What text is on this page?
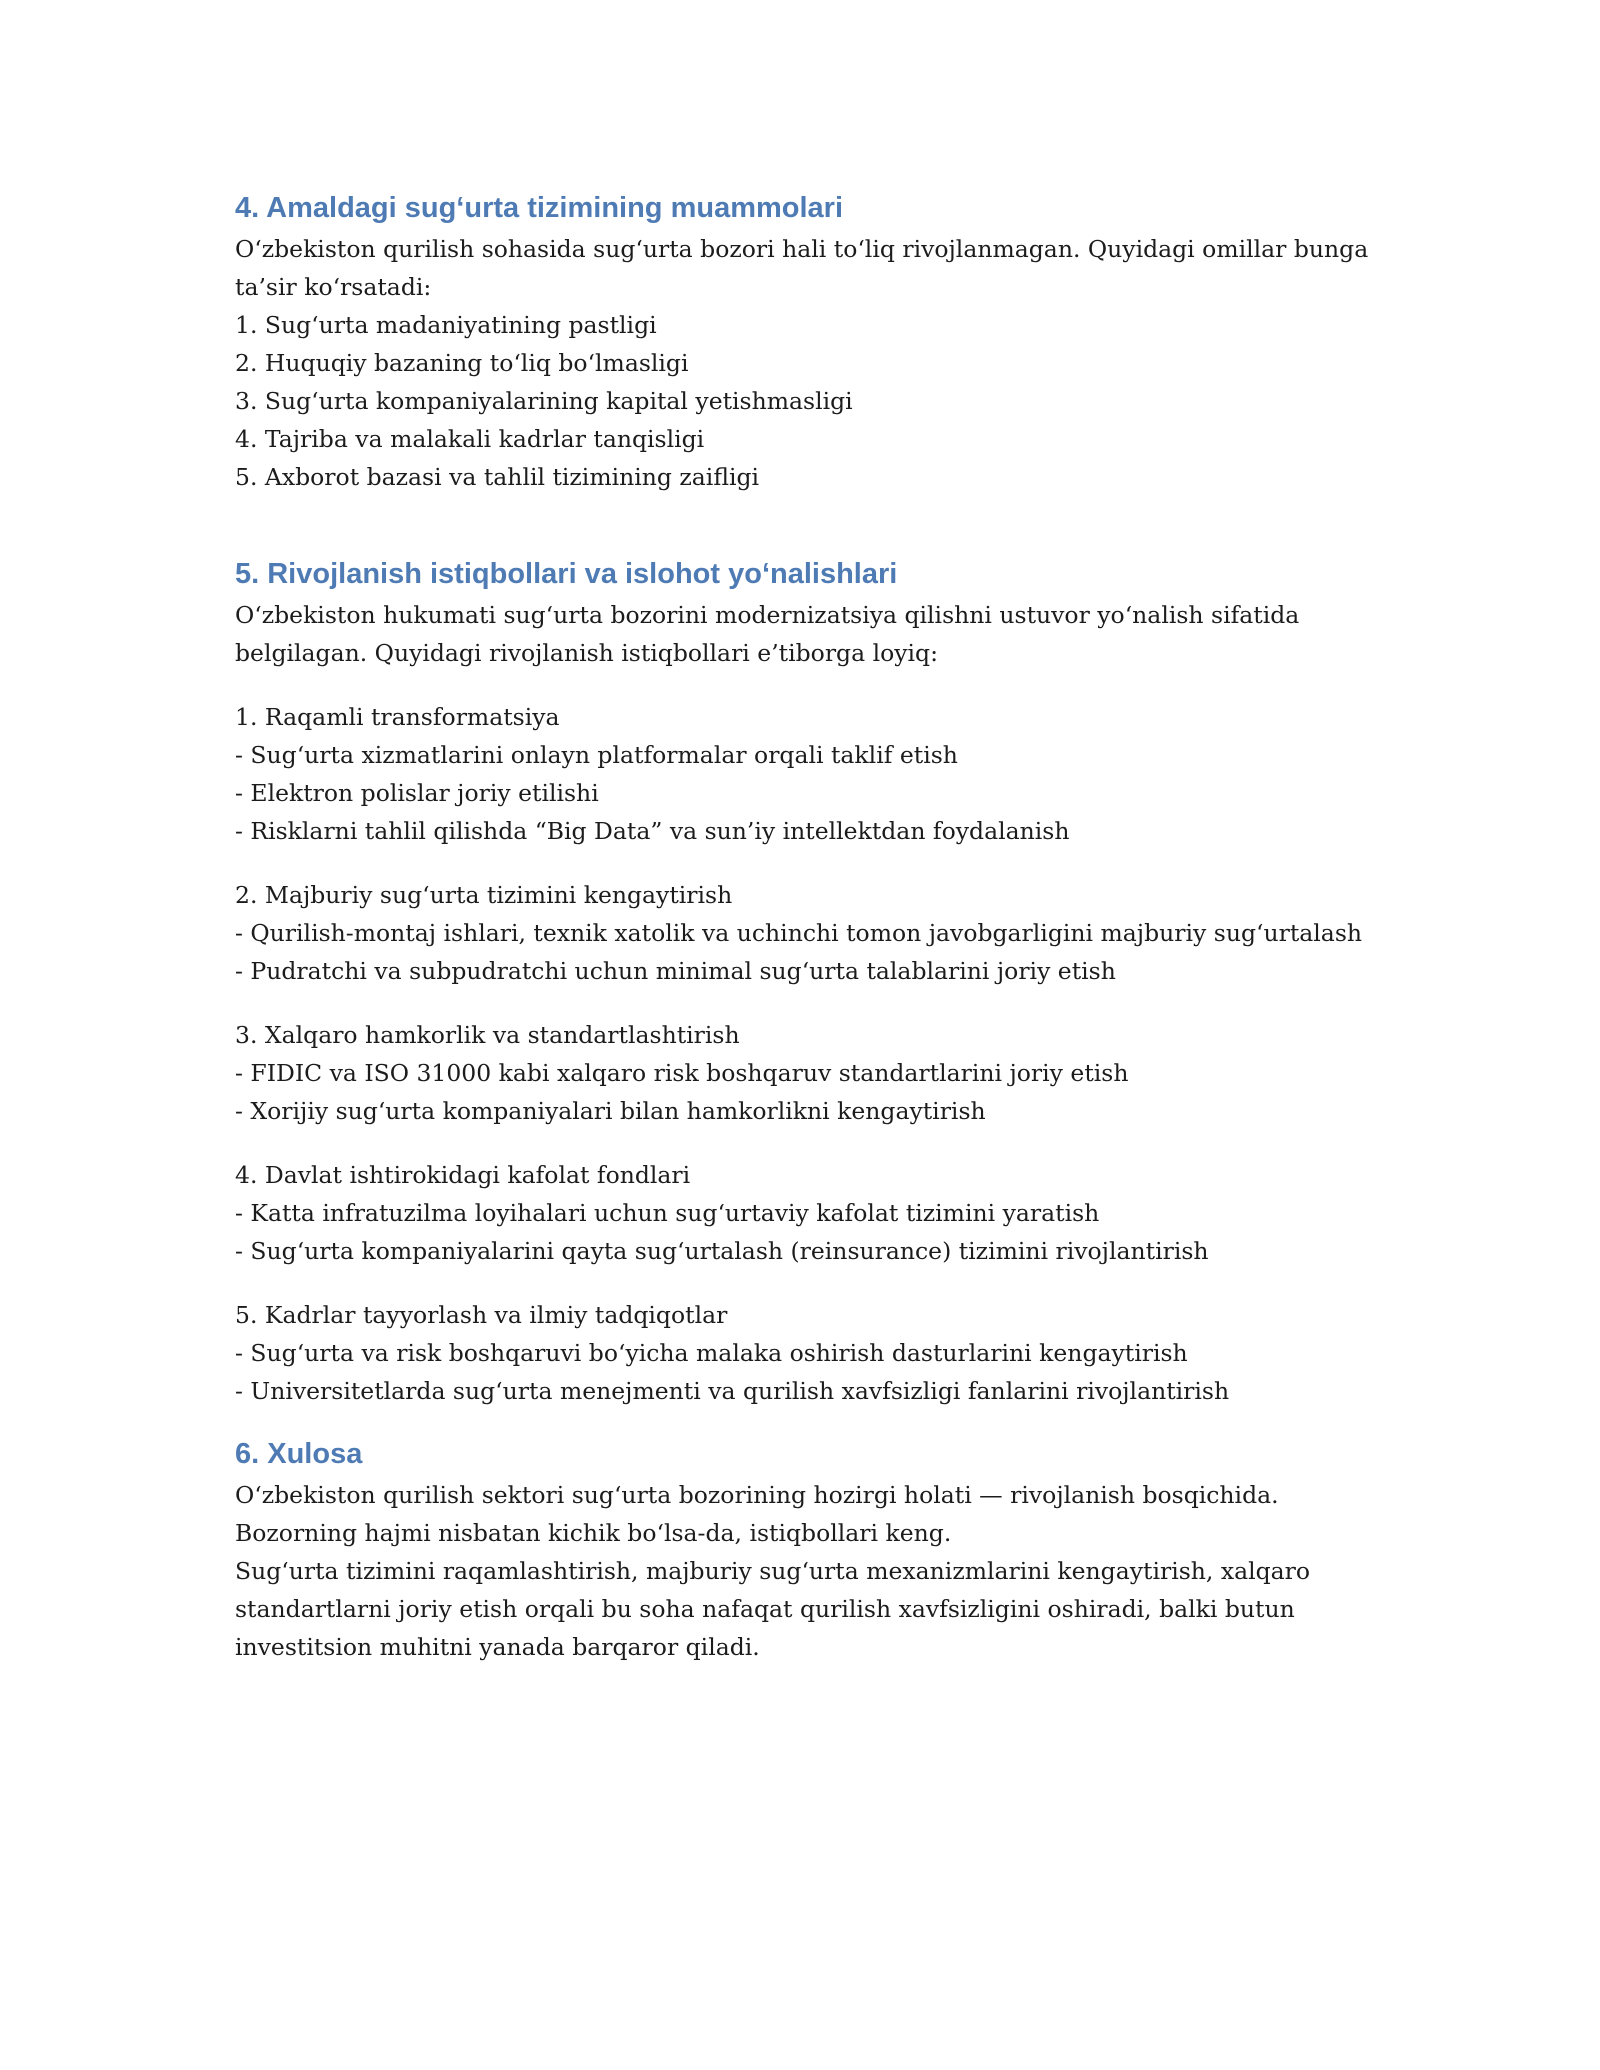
4. Amaldagi sug‘urta tizimining muammolari

O‘zbekiston qurilish sohasida sug‘urta bozori hali to‘liq rivojlanmagan. Quyidagi omillar bunga
ta’sir ko‘rsatadi:

1. Sug‘urta madaniyatining pastligi
2. Huquqiy bazaning to‘liq bo‘lmasligi
3. Sug‘urta kompaniyalarining kapital yetishmasligi
4. Tajriba va malakali kadrlar tanqisligi
5. Axborot bazasi va tahlil tizimining zaifligi
5. Rivojlanish istiqbollari va islohot yo‘nalishlari

O‘zbekiston hukumati sug‘urta bozorini modernizatsiya qilishni ustuvor yo‘nalish sifatida
belgilagan. Quyidagi rivojlanish istiqbollari e’tiborga loyiq:

1. Raqamli transformatsiya
- Sug‘urta xizmatlarini onlayn platformalar orqali taklif etish
- Elektron polislar joriy etilishi
- Risklarni tahlil qilishda “Big Data” va sun’iy intellektdan foydalanish
2. Majburiy sug‘urta tizimini kengaytirish
- Qurilish-montaj ishlari, texnik xatolik va uchinchi tomon javobgarligini majburiy sug‘urtalash
- Pudratchi va subpudratchi uchun minimal sug‘urta talablarini joriy etish
3. Xalqaro hamkorlik va standartlashtirish
- FIDIC va ISO 31000 kabi xalqaro risk boshqaruv standartlarini joriy etish
- Xorijiy sug‘urta kompaniyalari bilan hamkorlikni kengaytirish
4. Davlat ishtirokidagi kafolat fondlari
- Katta infratuzilma loyihalari uchun sug‘urtaviy kafolat tizimini yaratish
- Sug‘urta kompaniyalarini qayta sug‘urtalash (reinsurance) tizimini rivojlantirish
5. Kadrlar tayyorlash va ilmiy tadqiqotlar
- Sug‘urta va risk boshqaruvi bo‘yicha malaka oshirish dasturlarini kengaytirish
- Universitetlarda sug‘urta menejmenti va qurilish xavfsizligi fanlarini rivojlantirish
6. Xulosa

O‘zbekiston qurilish sektori sug‘urta bozorining hozirgi holati — rivojlanish bosqichida.
Bozorning hajmi nisbatan kichik bo‘lsa-da, istiqbollari keng.
Sug‘urta tizimini raqamlashtirish, majburiy sug‘urta mexanizmlarini kengaytirish, xalqaro
standartlarni joriy etish orqali bu soha nafaqat qurilish xavfsizligini oshiradi, balki butun
investitsion muhitni yanada barqaror qiladi.
